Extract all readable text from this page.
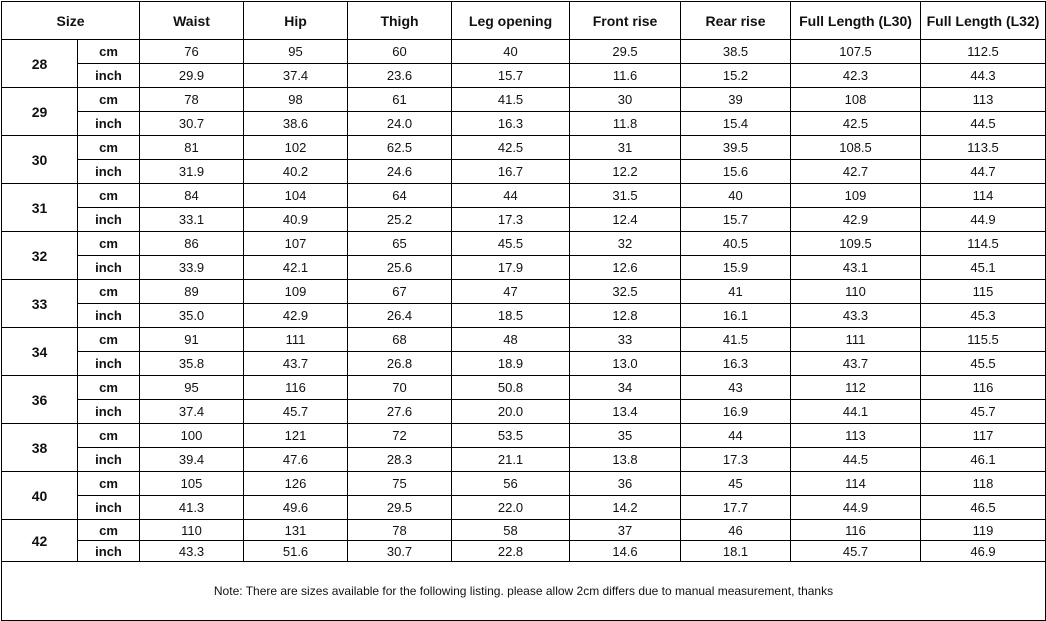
Size		Waist	Hip	Thigh	Leg opening	Front rise	Rear rise	Full Length (L30)	Full Length (L32)
28	cm	76	95	60	40	29.5	38.5	107.5	112.5
	inch	29.9	37.4	23.6	15.7	11.6	15.2	42.3	44.3
29	cm	78	98	61	41.5	30	39	108	113
	inch	30.7	38.6	24.0	16.3	11.8	15.4	42.5	44.5
30	cm	81	102	62.5	42.5	31	39.5	108.5	113.5
	inch	31.9	40.2	24.6	16.7	12.2	15.6	42.7	44.7
31	cm	84	104	64	44	31.5	40	109	114
	inch	33.1	40.9	25.2	17.3	12.4	15.7	42.9	44.9
32	cm	86	107	65	45.5	32	40.5	109.5	114.5
	inch	33.9	42.1	25.6	17.9	12.6	15.9	43.1	45.1
33	cm	89	109	67	47	32.5	41	110	115
	inch	35.0	42.9	26.4	18.5	12.8	16.1	43.3	45.3
34	cm	91	111	68	48	33	41.5	111	115.5
	inch	35.8	43.7	26.8	18.9	13.0	16.3	43.7	45.5
36	cm	95	116	70	50.8	34	43	112	116
	inch	37.4	45.7	27.6	20.0	13.4	16.9	44.1	45.7
38	cm	100	121	72	53.5	35	44	113	117
	inch	39.4	47.6	28.3	21.1	13.8	17.3	44.5	46.1
40	cm	105	126	75	56	36	45	114	118
	inch	41.3	49.6	29.5	22.0	14.2	17.7	44.9	46.5
42	cm	110	131	78	58	37	46	116	119
	inch	43.3	51.6	30.7	22.8	14.6	18.1	45.7	46.9
Note: There are sizes available for the following listing. please allow 2cm differs due to manual measurement, thanks									
